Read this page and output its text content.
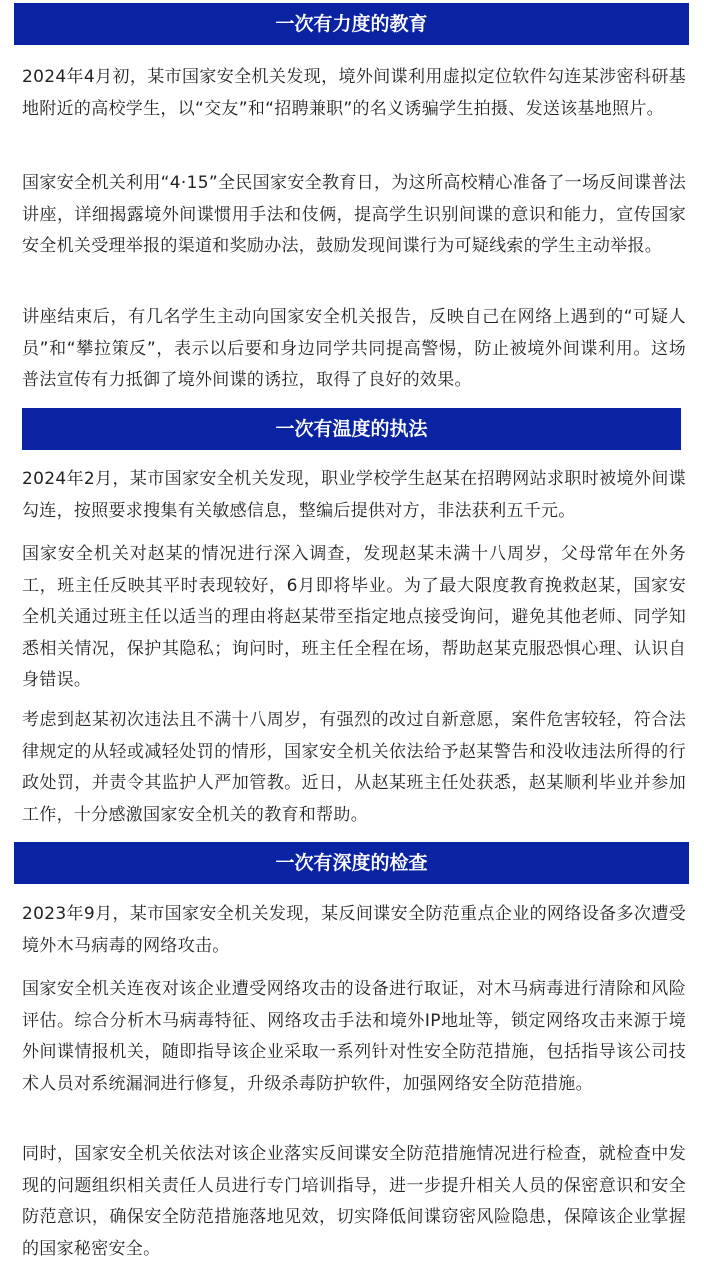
一次有力度的教育

2024年4月初，某市国家安全机关发现，境外间谍利用虚拟定位软件勾连某涉密科研基地附近的高校学生，以“交友”和“招聘兼职”的名义诱骗学生拍摄、发送该基地照片。

国家安全机关利用“4·15”全民国家安全教育日，为这所高校精心准备了一场反间谍普法讲座，详细揭露境外间谍惯用手法和伎俩，提高学生识别间谍的意识和能力，宣传国家安全机关受理举报的渠道和奖励办法，鼓励发现间谍行为可疑线索的学生主动举报。

讲座结束后，有几名学生主动向国家安全机关报告，反映自己在网络上遇到的“可疑人员”和“攀拉策反”，表示以后要和身边同学共同提高警惕，防止被境外间谍利用。这场普法宣传有力抵御了境外间谍的诱拉，取得了良好的效果。

一次有温度的执法

2024年2月，某市国家安全机关发现，职业学校学生赵某在招聘网站求职时被境外间谍勾连，按照要求搜集有关敏感信息，整编后提供对方，非法获利五千元。

国家安全机关对赵某的情况进行深入调查，发现赵某未满十八周岁，父母常年在外务工，班主任反映其平时表现较好，6月即将毕业。为了最大限度教育挽救赵某，国家安全机关通过班主任以适当的理由将赵某带至指定地点接受询问，避免其他老师、同学知悉相关情况，保护其隐私；询问时，班主任全程在场，帮助赵某克服恐惧心理、认识自身错误。

考虑到赵某初次违法且不满十八周岁，有强烈的改过自新意愿，案件危害较轻，符合法律规定的从轻或减轻处罚的情形，国家安全机关依法给予赵某警告和没收违法所得的行政处罚，并责令其监护人严加管教。近日，从赵某班主任处获悉，赵某顺利毕业并参加工作，十分感激国家安全机关的教育和帮助。

一次有深度的检查

2023年9月，某市国家安全机关发现，某反间谍安全防范重点企业的网络设备多次遭受境外木马病毒的网络攻击。

国家安全机关连夜对该企业遭受网络攻击的设备进行取证，对木马病毒进行清除和风险评估。综合分析木马病毒特征、网络攻击手法和境外IP地址等，锁定网络攻击来源于境外间谍情报机关，随即指导该企业采取一系列针对性安全防范措施，包括指导该公司技术人员对系统漏洞进行修复，升级杀毒防护软件，加强网络安全防范措施。

同时，国家安全机关依法对该企业落实反间谍安全防范措施情况进行检查，就检查中发现的问题组织相关责任人员进行专门培训指导，进一步提升相关人员的保密意识和安全防范意识，确保安全防范措施落地见效，切实降低间谍窃密风险隐患，保障该企业掌握的国家秘密安全。
